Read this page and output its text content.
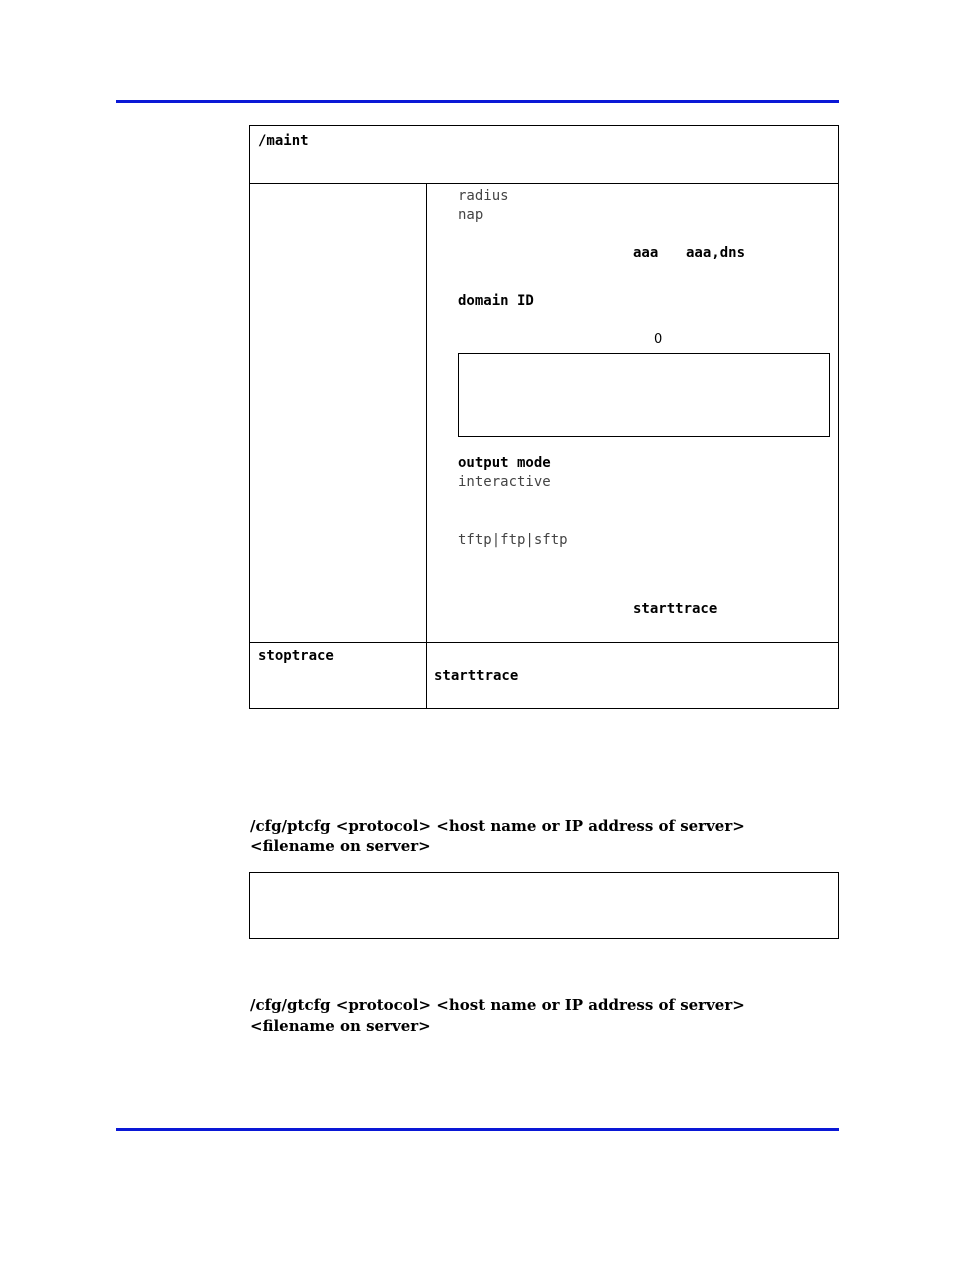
/maint
radius
nap
aaa aaa,dns
domain ID
0
output mode
interactive
tftp|ftp|sftp
starttrace
stoptrace
starttrace
/cfg/ptcfg <protocol> <host name or IP address of server>
<filename on server>
/cfg/gtcfg <protocol> <host name or IP address of server>
<filename on server>
